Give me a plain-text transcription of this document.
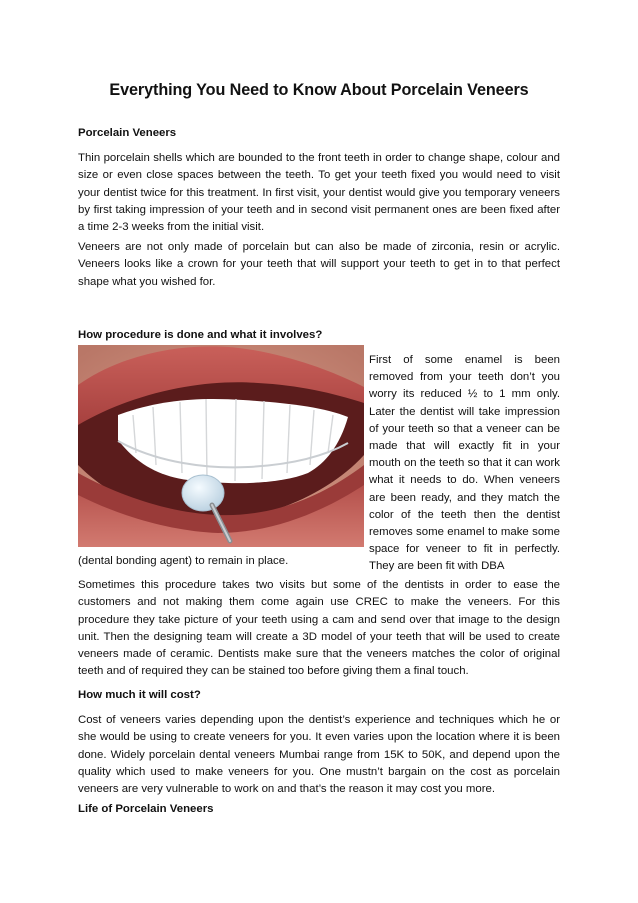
Everything You Need to Know About Porcelain Veneers
Porcelain Veneers

Thin porcelain shells which are bounded to the front teeth in order to change shape, colour and size or even close spaces between the teeth. To get your teeth fixed you would need to visit your dentist twice for this treatment. In first visit, your dentist would give you temporary veneers by first taking impression of your teeth and in second visit permanent ones are been fixed after a time 2-3 weeks from the initial visit.

Veneers are not only made of porcelain but can also be made of zirconia, resin or acrylic. Veneers looks like a crown for your teeth that will support your teeth to get in to that perfect shape what you wished for.

How procedure is done and what it involves?

First of some enamel is been removed from your teeth don’t you worry its reduced ½ to 1 mm only. Later the dentist will take impression of your teeth so that a veneer can be made that will exactly fit in your mouth on the teeth so that it can work what it needs to do. When veneers are been ready, and they match the color of the teeth then the dentist removes some enamel to make some space for veneer to fit in perfectly. They are been fit with DBA

(dental bonding agent) to remain in place.

Sometimes this procedure takes two visits but some of the dentists in order to ease the customers and not making them come again use CREC to make the veneers. For this procedure they take picture of your teeth using a cam and send over that image to the design unit. Then the designing team will create a 3D model of your teeth that will be used to create veneers made of ceramic. Dentists make sure that the veneers matches the color of original teeth and of required they can be stained too before giving them a final touch.

How much it will cost?

Cost of veneers varies depending upon the dentist’s experience and techniques which he or she would be using to create veneers for you. It even varies upon the location where it is been done. Widely porcelain dental veneers Mumbai range from 15K to 50K, and depend upon the quality which used to make veneers for you. One mustn’t bargain on the cost as porcelain veneers are very vulnerable to work on and that’s the reason it may cost you more.

Life of Porcelain Veneers
